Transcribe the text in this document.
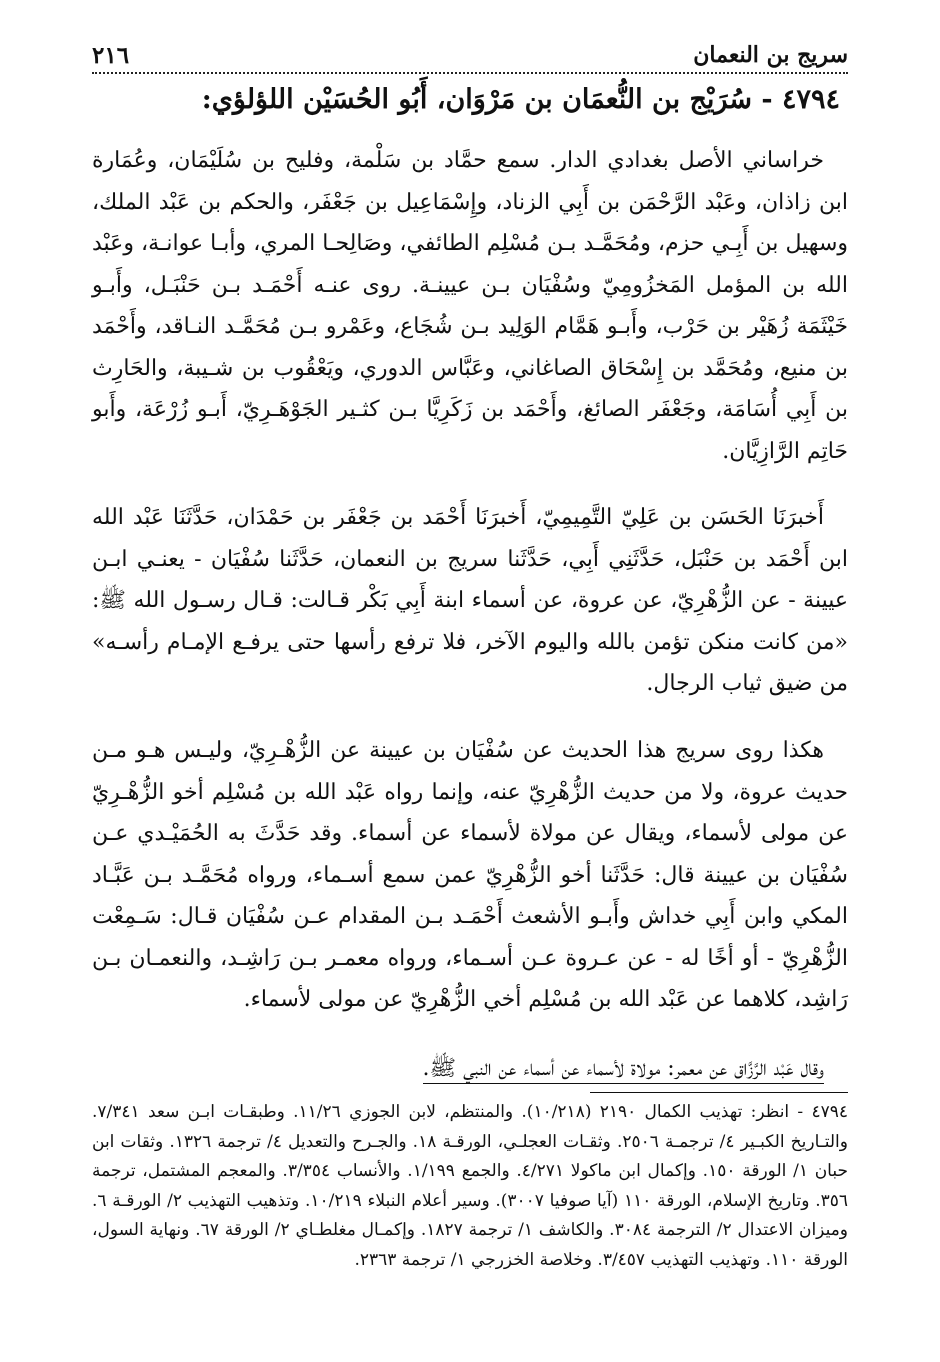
سريج بن النعمان
٢١٦
٤٧٩٤ - سُرَيْج بن النُّعمَان بن مَرْوَان، أَبُو الحُسَيْن اللؤلؤي:

خراساني الأصل بغدادي الدار. سمع حمَّاد بن سَلْمة، وفليح بن سُلَيْمَان، وعُمَارة ابن زاذان، وعَبْد الرَّحْمَن بن أَبِي الزناد، وإِسْمَاعِيل بن جَعْفَر، والحكم بن عَبْد الملك، وسهيل بن أَبِـي حزم، ومُحَمَّـد بـن مُسْلِم الطائفي، وصَالِحـا المري، وأبـا عوانـة، وعَبْد الله بن المؤمل المَخزُومِيّ وسُفْيَان بـن عيينـة. روى عنـه أَحْمَـد بـن حَنْبَـل، وأَبـو خَيْثَمَة زُهَيْر بن حَرْب، وأَبـو هَمَّام الوَلِيد بـن شُجَاع، وعَمْرو بـن مُحَمَّـد النـاقد، وأَحْمَد بن منيع، ومُحَمَّد بن إِسْحَاق الصاغاني، وعَبَّاس الدوري، ويَعْقُوب بن شـيبة، والحَارِث بن أَبِي أُسَامَة، وجَعْفَر الصائغ، وأَحْمَد بن زَكَرِيَّا بـن كثـير الجَوْهَـرِيّ، أَبـو زُرْعَة، وأَبو حَاتِم الرَّازِيَّان.

أَخبرَنَا الحَسَن بن عَلِيّ التَّمِيمِيّ، أَخبرَنَا أَحْمَد بن جَعْفَر بن حَمْدَان، حَدَّثَنَا عَبْد الله ابن أَحْمَد بن حَنْبَل، حَدَّثَنِي أَبِي، حَدَّثَنا سريج بن النعمان، حَدَّثَنا سُفْيَان - يعنـي ابـن عيينة - عن الزُّهْرِيّ، عن عروة، عن أسماء ابنة أَبِي بَكْر قـالت: قـال رسـول الله ﷺ: «من كانت منكن تؤمن بالله واليوم الآخر، فلا ترفع رأسها حتى يرفـع الإمـام رأسـه» من ضيق ثياب الرجال.

هكذا روى سريج هذا الحديث عن سُفْيَان بن عيينة عن الزُّهْـرِيّ، وليـس هـو مـن حديث عروة، ولا من حديث الزُّهْرِيّ عنه، وإنما رواه عَبْد الله بن مُسْلِم أخو الزُّهْـرِيّ عن مولى لأسماء، ويقال عن مولاة لأسماء عن أسماء. وقد حَدَّثَ به الحُمَيْـدي عـن سُفْيَان بن عيينة قال: حَدَّثَنا أخو الزُّهْرِيّ عمن سمع أسـماء، ورواه مُحَمَّـد بـن عَبَّـاد المكي وابن أَبِي خداش وأَبـو الأشعث أَحْمَـد بـن المقدام عـن سُفْيَان قـال: سَـمِعْت الزُّهْرِيّ - أو أخًا له - عن عـروة عـن أسـماء، ورواه معمـر بـن رَاشِـد، والنعمـان بـن رَاشِد، كلاهما عن عَبْد الله بن مُسْلِم أخي الزُّهْرِيّ عن مولى لأسماء.

وقال عَبْد الرَّزَّاق عن معمر: مولاة لأسماء عن أسماء عن النبي ﷺ.

٤٧٩٤ - انظر: تهذيب الكمال ٢١٩٠ (١٠/٢١٨). والمنتظم، لابن الجوزي ١١/٢٦. وطبقـات ابـن سعد ٧/٣٤١. والتـاريخ الكبـير ٤/ ترجمـة ٢٥٠٦. وثقـات العجلـي، الورقـة ١٨. والجـرح والتعديل ٤/ ترجمة ١٣٢٦. وثقات ابن حبان ١/ الورقة ١٥٠. وإكمال ابن ماكولا ٤/٢٧١. والجمع ١/١٩٩. والأنساب ٣/٣٥٤. والمعجم المشتمل، ترجمة ٣٥٦. وتاريخ الإسلام، الورقة ١١٠ (آيا صوفيا ٣٠٠٧). وسير أعلام النبلاء ١٠/٢١٩. وتذهيب التهذيب ٢/ الورقـة ٦. وميزان الاعتدال ٢/ الترجمة ٣٠٨٤. والكاشف ١/ ترجمة ١٨٢٧. وإكمـال مغلطـاي ٢/ الورقة ٦٧. ونهاية السول، الورقة ١١٠. وتهذيب التهذيب ٣/٤٥٧. وخلاصة الخزرجي ١/ ترجمة ٢٣٦٣.
